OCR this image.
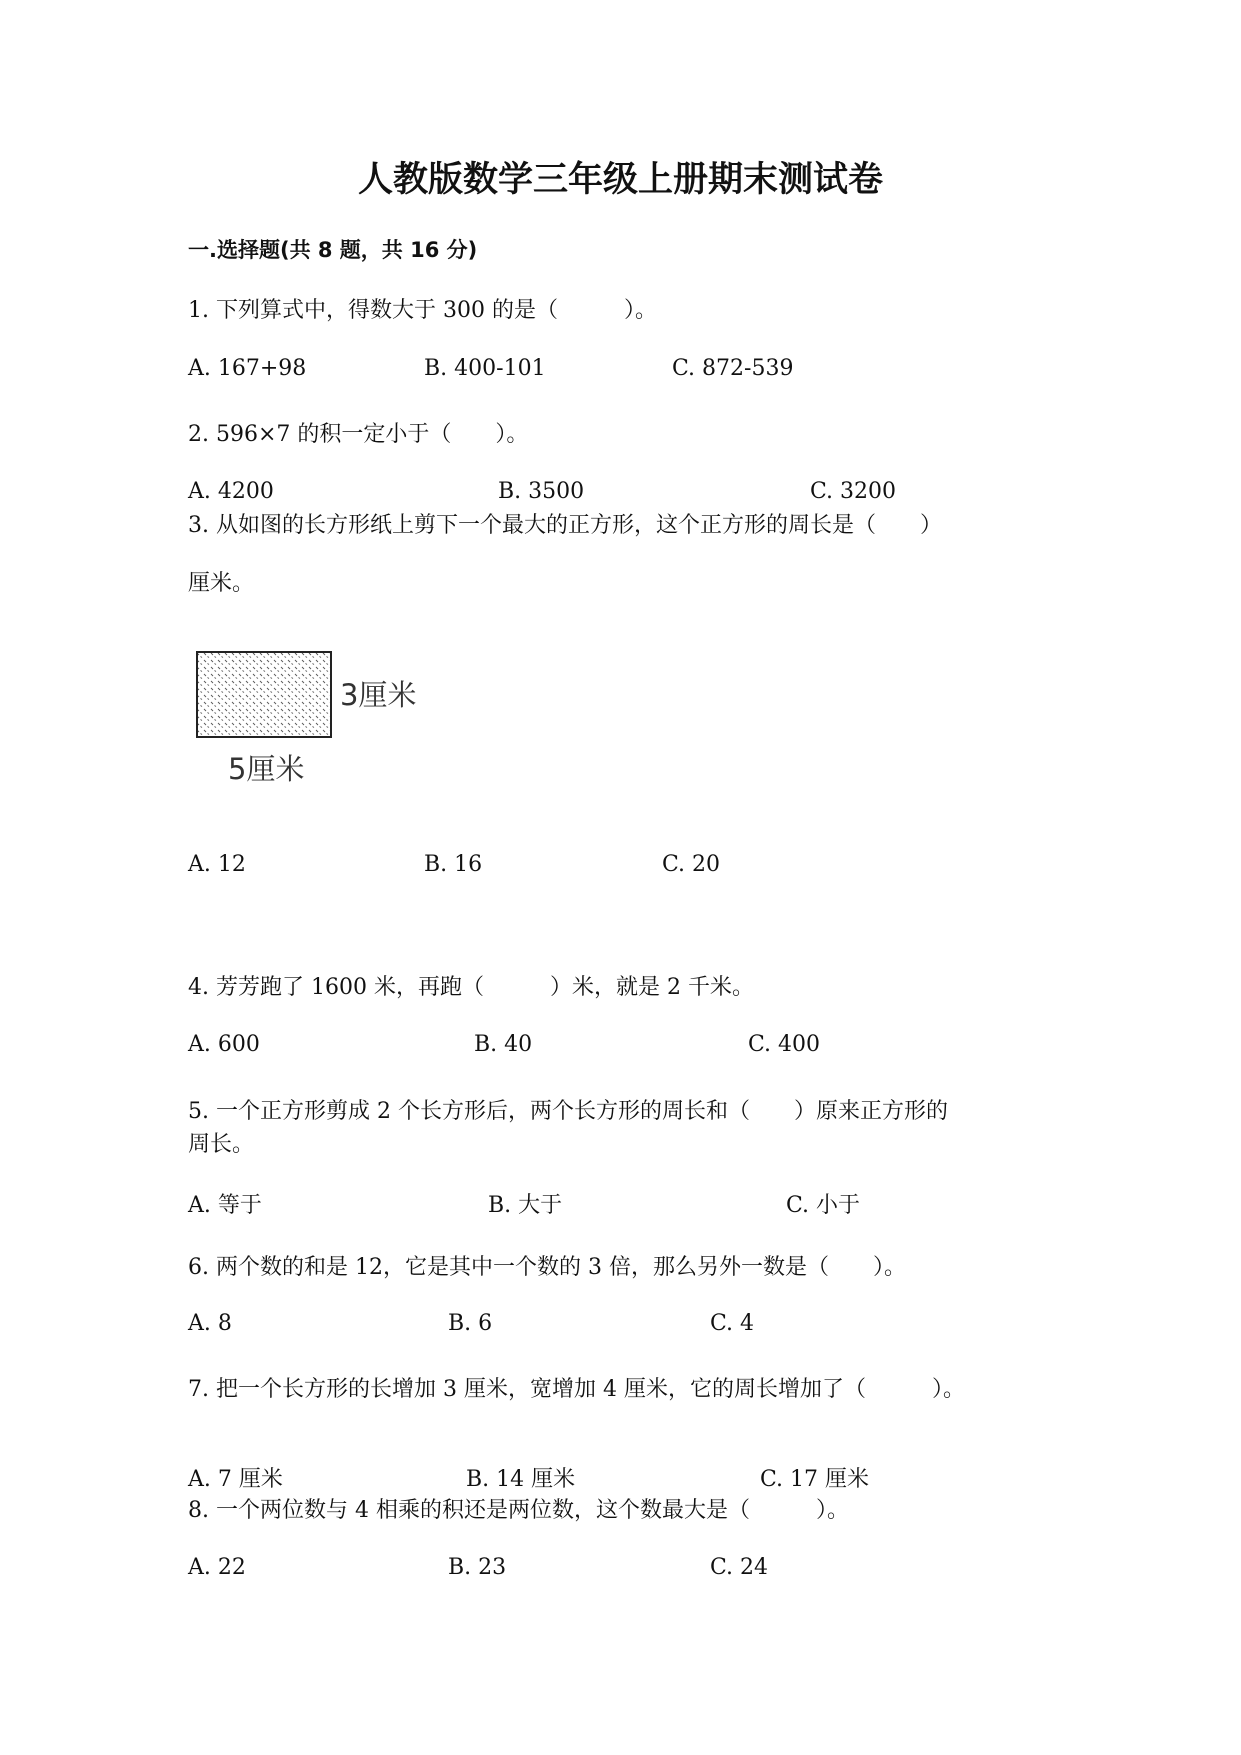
人教版数学三年级上册期末测试卷
一.选择题(共 8 题，共 16 分)
1. 下列算式中，得数大于 300 的是（　　　）。
A. 167+98	B. 400-101	C. 872-539
2. 596×7 的积一定小于（　　）。
A. 4200	B. 3500	C. 3200
3. 从如图的长方形纸上剪下一个最大的正方形，这个正方形的周长是（　　）
厘米。
3厘米
5厘米
A. 12	B. 16	C. 20
4. 芳芳跑了 1600 米，再跑（　　　）米，就是 2 千米。
A. 600	B. 40	C. 400
5. 一个正方形剪成 2 个长方形后，两个长方形的周长和（　　）原来正方形的
周长。
A. 等于	B. 大于	C. 小于
6. 两个数的和是 12，它是其中一个数的 3 倍，那么另外一数是（　　）。
A. 8	B. 6	C. 4
7. 把一个长方形的长增加 3 厘米，宽增加 4 厘米，它的周长增加了（　　　）。
A. 7 厘米	B. 14 厘米	C. 17 厘米
8. 一个两位数与 4 相乘的积还是两位数，这个数最大是（　　　）。
A. 22	B. 23	C. 24
